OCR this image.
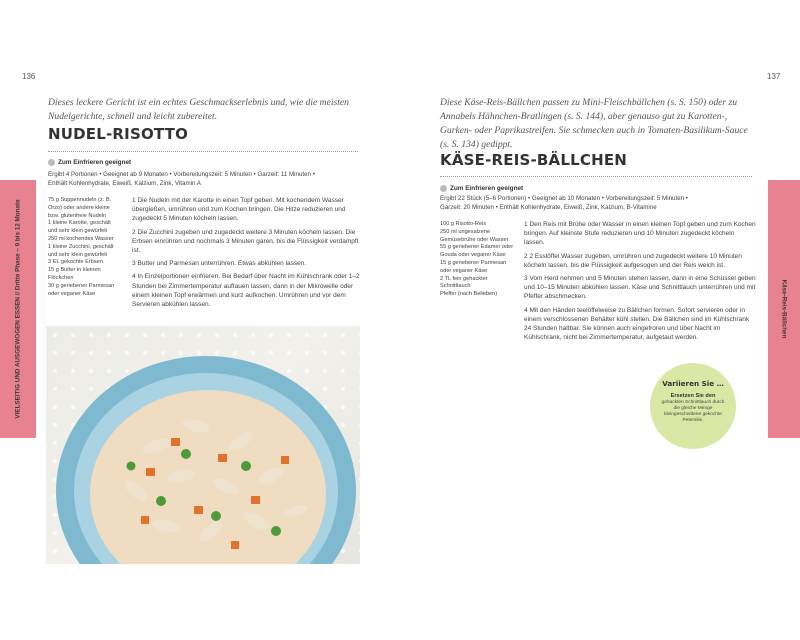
136
VIELSEITIG UND AUSGEWOGEN ESSEN // Dritte Phase – 9 bis 12 Monate
Dieses leckere Gericht ist ein echtes Geschmackserlebnis und, wie die meisten Nudelgerichte, schnell und leicht zubereitet.
NUDEL-RISOTTO
Zum Einfrieren geeignet
Ergibt 4 Portionen • Geeignet ab 9 Monaten • Vorbereitungszeit: 5 Minuten • Garzeit: 11 Minuten •
Enthält Kohlenhydrate, Eiweiß, Kalzium, Zink, Vitamin A
75 g Suppennudeln (z. B.
Orzo) oder andere kleine
bzw. glutenfreie Nudeln
1 kleine Karotte, geschält
und sehr klein gewürfelt
250 ml kochendes Wasser
1 kleine Zucchini, geschält
und sehr klein gewürfelt
3 EL gekochte Erbsen
15 g Butter in kleinen
Flöckchen
30 g geriebener Parmesan
oder veganer Käse

1 Die Nudeln mit der Karotte in einen Topf geben. Mit kochendem Wasser übergießen, umrühren und zum Kochen bringen. Die Hitze reduzieren und zugedeckt 5 Minuten köcheln lassen.

2 Die Zucchini zugeben und zugedeckt weitere 3 Minuten köcheln lassen. Die Erbsen einrühren und nochmals 3 Minuten garen, bis die Flüssigkeit verdampft ist.

3 Butter und Parmesan unterrühren. Etwas abkühlen lassen.

4 In Einzelportionen einfrieren. Bei Bedarf über Nacht im Kühlschrank oder 1–2 Stunden bei Zimmertemperatur auftauen lassen, dann in der Mikrowelle oder einem kleinen Topf erwärmen und kurz aufkochen. Umrühren und vor dem Servieren abkühlen lassen.

137
Käse-Reis-Bällchen
Diese Käse-Reis-Bällchen passen zu Mini-Fleischbällchen (s. S. 150) oder zu Annabels Hähnchen-Bratlingen (s. S. 144), aber genauso gut zu Karotten-, Gurken- oder Paprikastreifen. Sie schmecken auch in Tomaten-Basilikum-Sauce (s. S. 134) gedippt.
KÄSE-REIS-BÄLLCHEN
Zum Einfrieren geeignet
Ergibt 22 Stück (5–6 Portionen) • Geeignet ab 10 Monaten • Vorbereitungszeit: 5 Minuten •
Garzeit: 20 Minuten • Enthält Kohlenhydrate, Eiweiß, Zink, Kalzium, B-Vitamine
100 g Risotto-Reis
250 ml ungesalzene
Gemüsebrühe oder Wasser
55 g geriebener Edamer oder
Gouda oder veganer Käse
15 g geriebener Parmesan
oder veganer Käse
2 TL fein gehackter
Schnittlauch
Pfeffer (nach Belieben)

1 Den Reis mit Brühe oder Wasser in einen kleinen Topf geben und zum Kochen bringen. Auf kleinste Stufe reduzieren und 10 Minuten zugedeckt köcheln lassen.

2 2 Esslöffel Wasser zugeben, umrühren und zugedeckt weitere 10 Minuten köcheln lassen, bis die Flüssigkeit aufgesogen und der Reis weich ist.

3 Vom Herd nehmen und 5 Minuten stehen lassen, dann in eine Schüssel geben und 10–15 Minuten abkühlen lassen. Käse und Schnittlauch unterrühren und mit Pfeffer abschmecken.

4 Mit den Händen teelöffelweise zu Bällchen formen. Sofort servieren oder in einem verschlossenen Behälter kühl stellen. Die Bällchen sind im Kühlschrank 24 Stunden haltbar. Sie können auch eingefroren und über Nacht im Kühlschrank, nicht bei Zimmertemperatur, aufgetaut werden.

Variieren Sie …
Ersetzen Sie den
gehackten Schnittlauch durch die gleiche Menge kleingeschnittene gekochte Petersilie.
